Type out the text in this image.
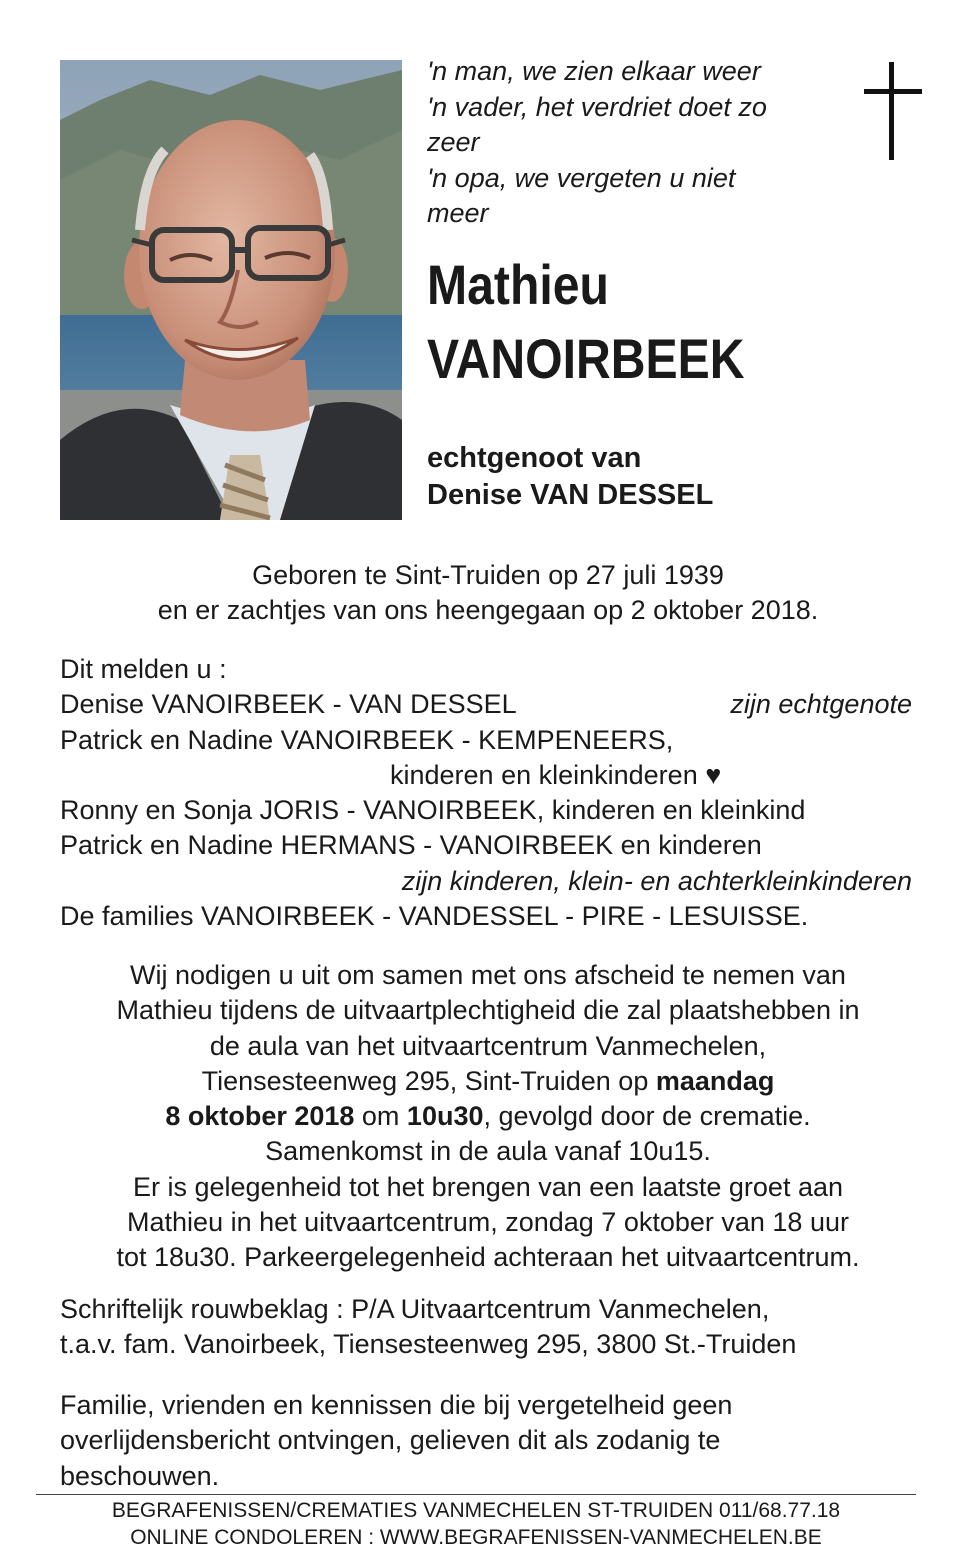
'n man, we zien elkaar weer
'n vader, het verdriet doet zo
zeer
'n opa, we vergeten u niet
meer
Mathieu
VANOIRBEEK
echtgenoot van
Denise VAN DESSEL
Geboren te Sint-Truiden op 27 juli 1939
en er zachtjes van ons heengegaan op 2 oktober 2018.
Dit melden u :
Denise VANOIRBEEK - VAN DESSEL	zijn echtgenote
Patrick en Nadine VANOIRBEEK - KEMPENEERS,
kinderen en kleinkinderen ♥
Ronny en Sonja JORIS - VANOIRBEEK, kinderen en kleinkind
Patrick en Nadine HERMANS - VANOIRBEEK en kinderen
zijn kinderen, klein- en achterkleinkinderen
De families VANOIRBEEK - VANDESSEL - PIRE - LESUISSE.
Wij nodigen u uit om samen met ons afscheid te nemen van
Mathieu tijdens de uitvaartplechtigheid die zal plaatshebben in
de aula van het uitvaartcentrum Vanmechelen,
Tiensesteenweg 295, Sint-Truiden op maandag
8 oktober 2018 om 10u30, gevolgd door de crematie.
Samenkomst in de aula vanaf 10u15.
Er is gelegenheid tot het brengen van een laatste groet aan
Mathieu in het uitvaartcentrum, zondag 7 oktober van 18 uur
tot 18u30. Parkeergelegenheid achteraan het uitvaartcentrum.
Schriftelijk rouwbeklag : P/A Uitvaartcentrum Vanmechelen,
t.a.v. fam. Vanoirbeek, Tiensesteenweg 295, 3800 St.-Truiden
Familie, vrienden en kennissen die bij vergetelheid geen
overlijdensbericht ontvingen, gelieven dit als zodanig te
beschouwen.
BEGRAFENISSEN/CREMATIES VANMECHELEN ST-TRUIDEN 011/68.77.18
ONLINE CONDOLEREN : WWW.BEGRAFENISSEN-VANMECHELEN.BE
